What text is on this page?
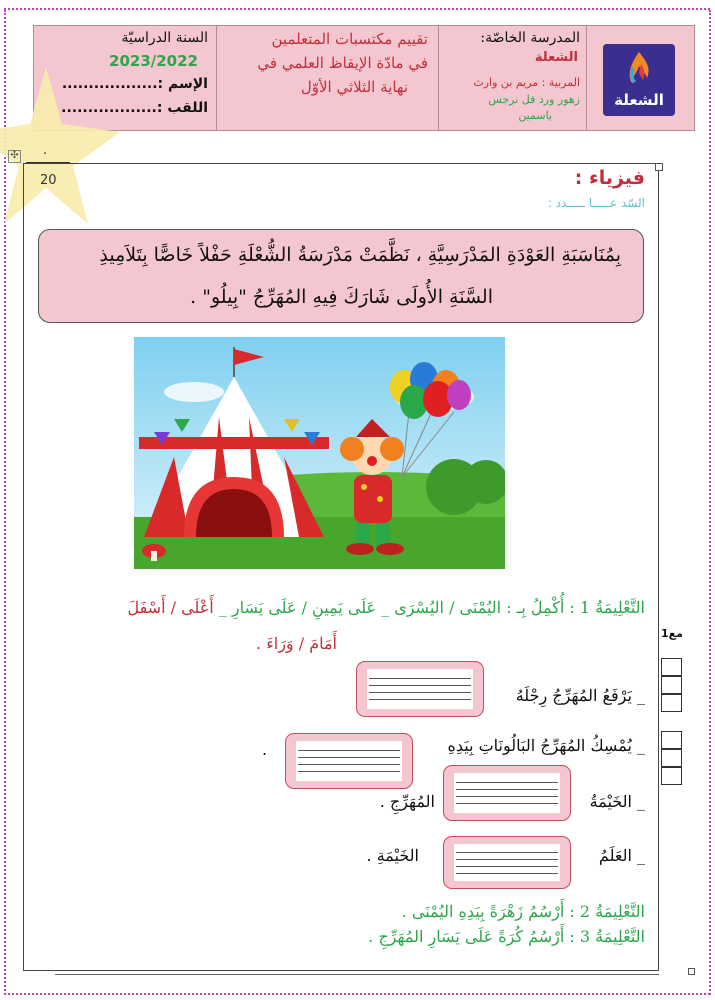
الشعلة
المدرسة الخاصّة:
الشعلة
المربية : مريم بن وارث
زهور ورد فل نرجس
ياسمين
تقييم مكتسبات المتعلمين
في مادّة الإيقاظ العلمي في
نهاية الثلاثي الأوّل
السنة الدراسيّة
2023/2022
الإسم :..................
اللقب :..................
✣ .
20	فيزياء :
السّد عـــــا ـــــدد :
بِمُنَاسَبَةِ العَوْدَةِ المَدْرَسِيَّةِ ، نَظَّمَتْ مَدْرَسَةُ الشُّعْلَةِ حَفْلاً خَاصًّا بِتَلاَمِيذِ
السَّنَةِ الأُولَى شَارَكَ فِيهِ المُهَرِّجُ "بِيلُو" .
التَّعْلِيمَةُ 1 : أُكْمِلُ بِـ : اليُمْنَى / اليُسْرَى _ عَلَى يَمِينِ / عَلَى يَسَارِ _ أَعْلَى / أَسْفَلَ
أَمَامَ / وَرَاءَ .
مع1
_ يَرْفَعُ المُهَرِّجُ رِجْلَهُ
_ يُمْسِكُ المُهَرِّجُ البَالُونَاتِ بِيَدِهِ
.
_ الخَيْمَةُ
المُهَرِّجِ .
_ العَلَمُ
الخَيْمَةِ .
التَّعْلِيمَةُ 2 : أَرْسُمُ زَهْرَةً بِيَدِهِ اليُمْنَى .
التَّعْلِيمَةُ 3 : أَرْسُمُ كُرَةً عَلَى يَسَارِ المُهَرِّجِ .
